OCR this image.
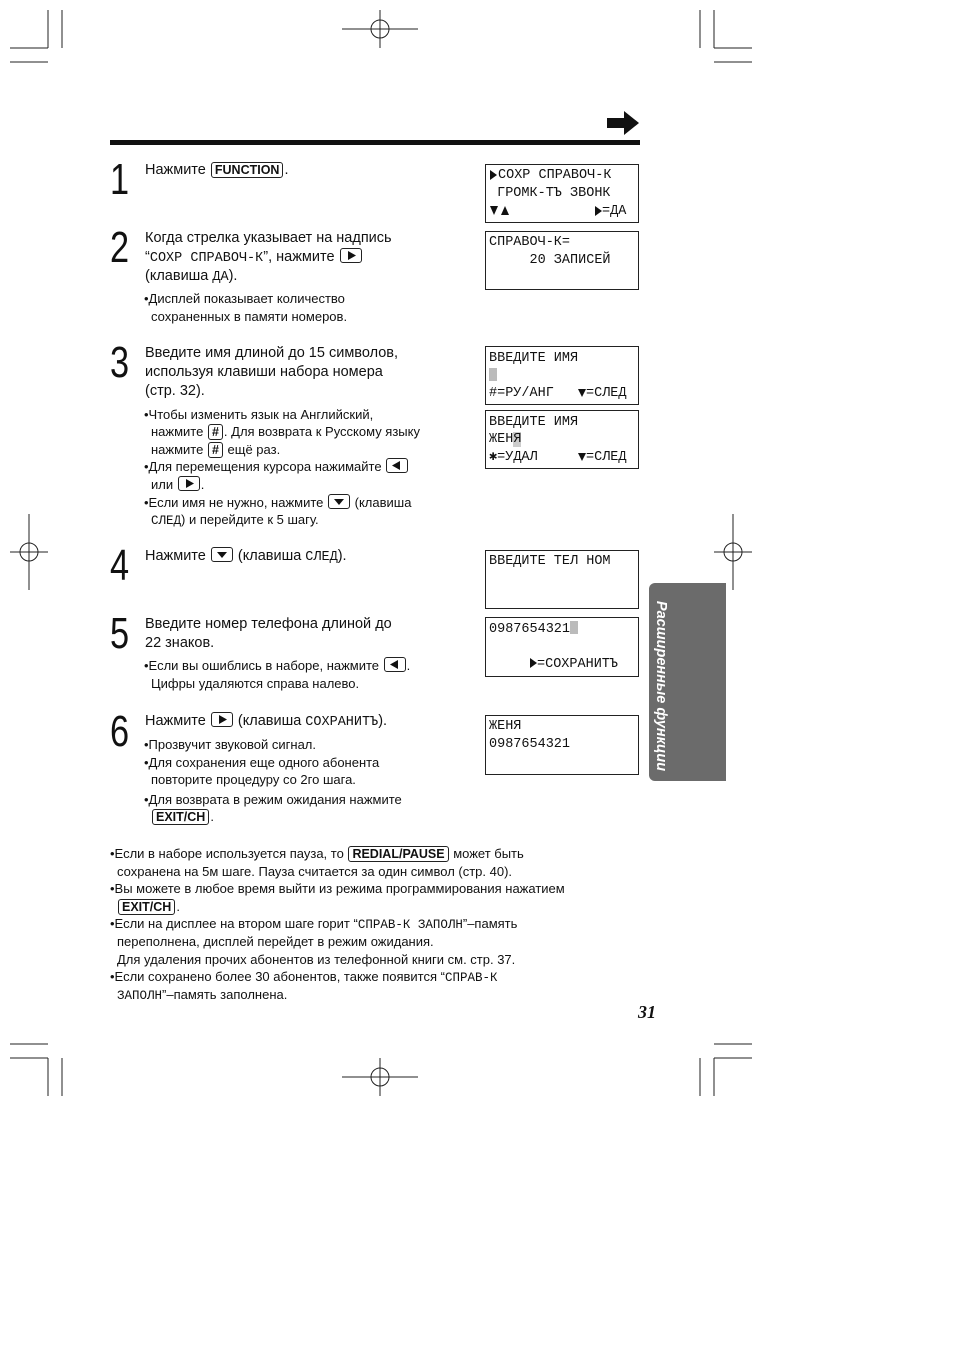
1 Нажмите FUNCTION .
2 Когда стрелка указывает на надпись
“СОХР СПРАВОЧ-К”, нажмите
(клавиша ДА).
•Дисплей показывает количество
сохраненных в памяти номеров.
3 Введите имя длиной до 15 символов,
используя клавиши набора номера
(стр. 32).
•Чтобы изменить язык на Английский,
нажмите # . Для возврата к Русскому языку
нажмите # ещё раз.
•Для перемещения курсора нажимайте
или
.
•Если имя не нужно, нажмите
(клавиша
СЛЕД) и перейдите к 5 шагу.
4 Нажмите
(клавиша СЛЕД).
5 Введите номер телефона длиной до
22 знаков.
•Если вы ошиблись в наборе, нажмите
.
Цифры удаляются справа налево.
6 Нажмите
(клавиша СОХРАНИТЪ).
•Прозвучит звуковой сигнал.
•Для сохранения еще одного абонента
повторите процедуру со 2го шага.
•Для возврата в режим ожидания нажмите
EXIT/CH .
СОХР СПРАВОЧ-К
ГРОМК-ТЪ ЗВОНК
=ДА
СПРАВОЧ-К=
20 ЗАПИСЕЙ
ВВЕДИТЕ ИМЯ
#=РУ/АНГ =СЛЕД
ВВЕДИТЕ ИМЯ
ЖЕНЯ
✱=УДАЛ =СЛЕД
ВВЕДИТЕ ТЕЛ НОМ
0987654321
=СОХРАНИТЪ
ЖЕНЯ
0987654321	Расширенные функции
•Если в наборе используется пауза, то REDIAL/PAUSE может быть
сохранена на 5м шаге. Пауза считается за один символ (стр. 40).
•Вы можете в любое время выйти из режима программирования нажатием
EXIT/CH .
•Если на дисплее на втором шаге горит “СПРАВ-К ЗАПОЛН”–память
переполнена, дисплей перейдет в режим ожидания.
Для удаления прочих абонентов из телефонной книги см. стр. 37.
•Если сохранено более 30 абонентов, также появится “СПРАВ-К
ЗАПОЛН”–память заполнена.
31
